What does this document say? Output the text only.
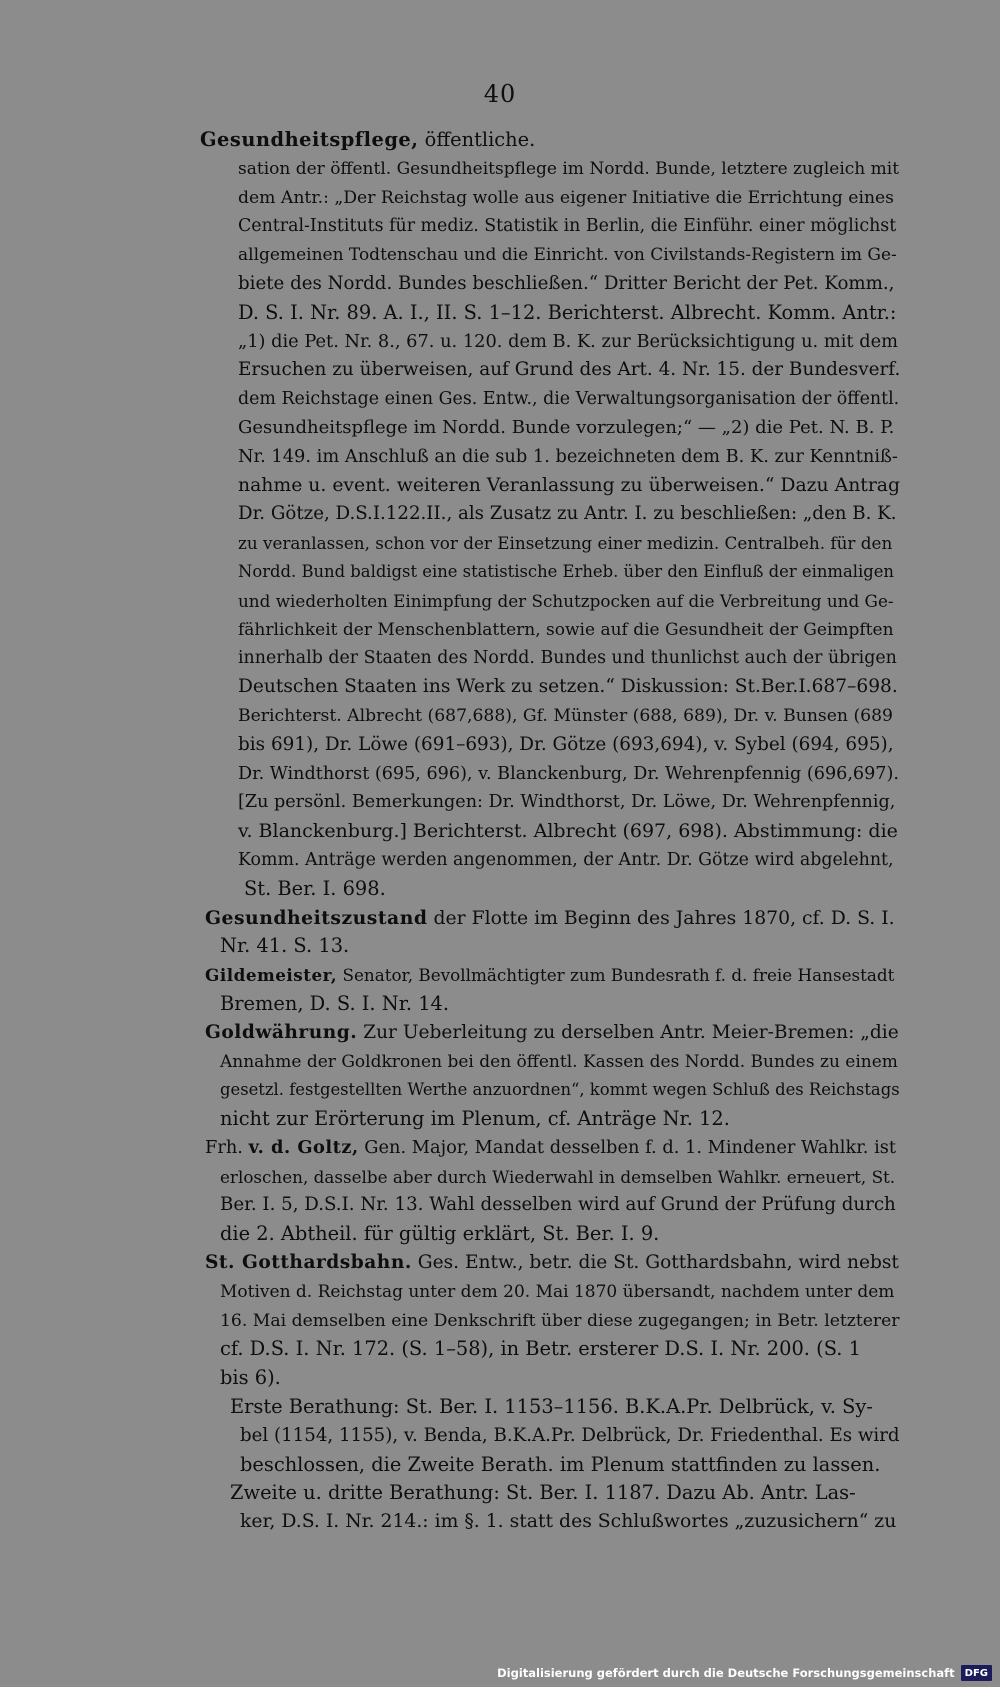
40
Gesundheitspflege, öffentliche.
sation der öffentl. Gesundheitspflege im Nordd. Bunde, letztere zugleich mit
dem Antr.: „Der Reichstag wolle aus eigener Initiative die Errichtung eines
Central-Instituts für mediz. Statistik in Berlin, die Einführ. einer möglichst
allgemeinen Todtenschau und die Einricht. von Civilstands-Registern im Ge-
biete des Nordd. Bundes beschließen.“ Dritter Bericht der Pet. Komm.,
D. S. I. Nr. 89. A. I., II. S. 1–12. Berichterst. Albrecht. Komm. Antr.:
„1) die Pet. Nr. 8., 67. u. 120. dem B. K. zur Berücksichtigung u. mit dem
Ersuchen zu überweisen, auf Grund des Art. 4. Nr. 15. der Bundesverf.
dem Reichstage einen Ges. Entw., die Verwaltungsorganisation der öffentl.
Gesundheitspflege im Nordd. Bunde vorzulegen;“ — „2) die Pet. N. B. P.
Nr. 149. im Anschluß an die sub 1. bezeichneten dem B. K. zur Kenntniß-
nahme u. event. weiteren Veranlassung zu überweisen.“ Dazu Antrag
Dr. Götze, D.S.I.122.II., als Zusatz zu Antr. I. zu beschließen: „den B. K.
zu veranlassen, schon vor der Einsetzung einer medizin. Centralbeh. für den
Nordd. Bund baldigst eine statistische Erheb. über den Einfluß der einmaligen
und wiederholten Einimpfung der Schutzpocken auf die Verbreitung und Ge-
fährlichkeit der Menschenblattern, sowie auf die Gesundheit der Geimpften
innerhalb der Staaten des Nordd. Bundes und thunlichst auch der übrigen
Deutschen Staaten ins Werk zu setzen.“ Diskussion: St.Ber.I.687–698.
Berichterst. Albrecht (687,688), Gf. Münster (688, 689), Dr. v. Bunsen (689
bis 691), Dr. Löwe (691–693), Dr. Götze (693,694), v. Sybel (694, 695),
Dr. Windthorst (695, 696), v. Blanckenburg, Dr. Wehrenpfennig (696,697).
[Zu persönl. Bemerkungen: Dr. Windthorst, Dr. Löwe, Dr. Wehrenpfennig,
v. Blanckenburg.] Berichterst. Albrecht (697, 698). Abstimmung: die
Komm. Anträge werden angenommen, der Antr. Dr. Götze wird abgelehnt,
St. Ber. I. 698.
Gesundheitszustand der Flotte im Beginn des Jahres 1870, cf. D. S. I.
Nr. 41. S. 13.
Gildemeister, Senator, Bevollmächtigter zum Bundesrath f. d. freie Hansestadt
Bremen, D. S. I. Nr. 14.
Goldwährung. Zur Ueberleitung zu derselben Antr. Meier-Bremen: „die
Annahme der Goldkronen bei den öffentl. Kassen des Nordd. Bundes zu einem
gesetzl. festgestellten Werthe anzuordnen“, kommt wegen Schluß des Reichstags
nicht zur Erörterung im Plenum, cf. Anträge Nr. 12.
Frh. v. d. Goltz, Gen. Major, Mandat desselben f. d. 1. Mindener Wahlkr. ist
erloschen, dasselbe aber durch Wiederwahl in demselben Wahlkr. erneuert, St.
Ber. I. 5, D.S.I. Nr. 13. Wahl desselben wird auf Grund der Prüfung durch
die 2. Abtheil. für gültig erklärt, St. Ber. I. 9.
St. Gotthardsbahn. Ges. Entw., betr. die St. Gotthardsbahn, wird nebst
Motiven d. Reichstag unter dem 20. Mai 1870 übersandt, nachdem unter dem
16. Mai demselben eine Denkschrift über diese zugegangen; in Betr. letzterer
cf. D.S. I. Nr. 172. (S. 1–58), in Betr. ersterer D.S. I. Nr. 200. (S. 1
bis 6).
Erste Berathung: St. Ber. I. 1153–1156. B.K.A.Pr. Delbrück, v. Sy-
bel (1154, 1155), v. Benda, B.K.A.Pr. Delbrück, Dr. Friedenthal. Es wird
beschlossen, die Zweite Berath. im Plenum stattfinden zu lassen.
Zweite u. dritte Berathung: St. Ber. I. 1187. Dazu Ab. Antr. Las-
ker, D.S. I. Nr. 214.: im §. 1. statt des Schlußwortes „zuzusichern“ zu
Digitalisierung gefördert durch die Deutsche Forschungsgemeinschaft	DFG
